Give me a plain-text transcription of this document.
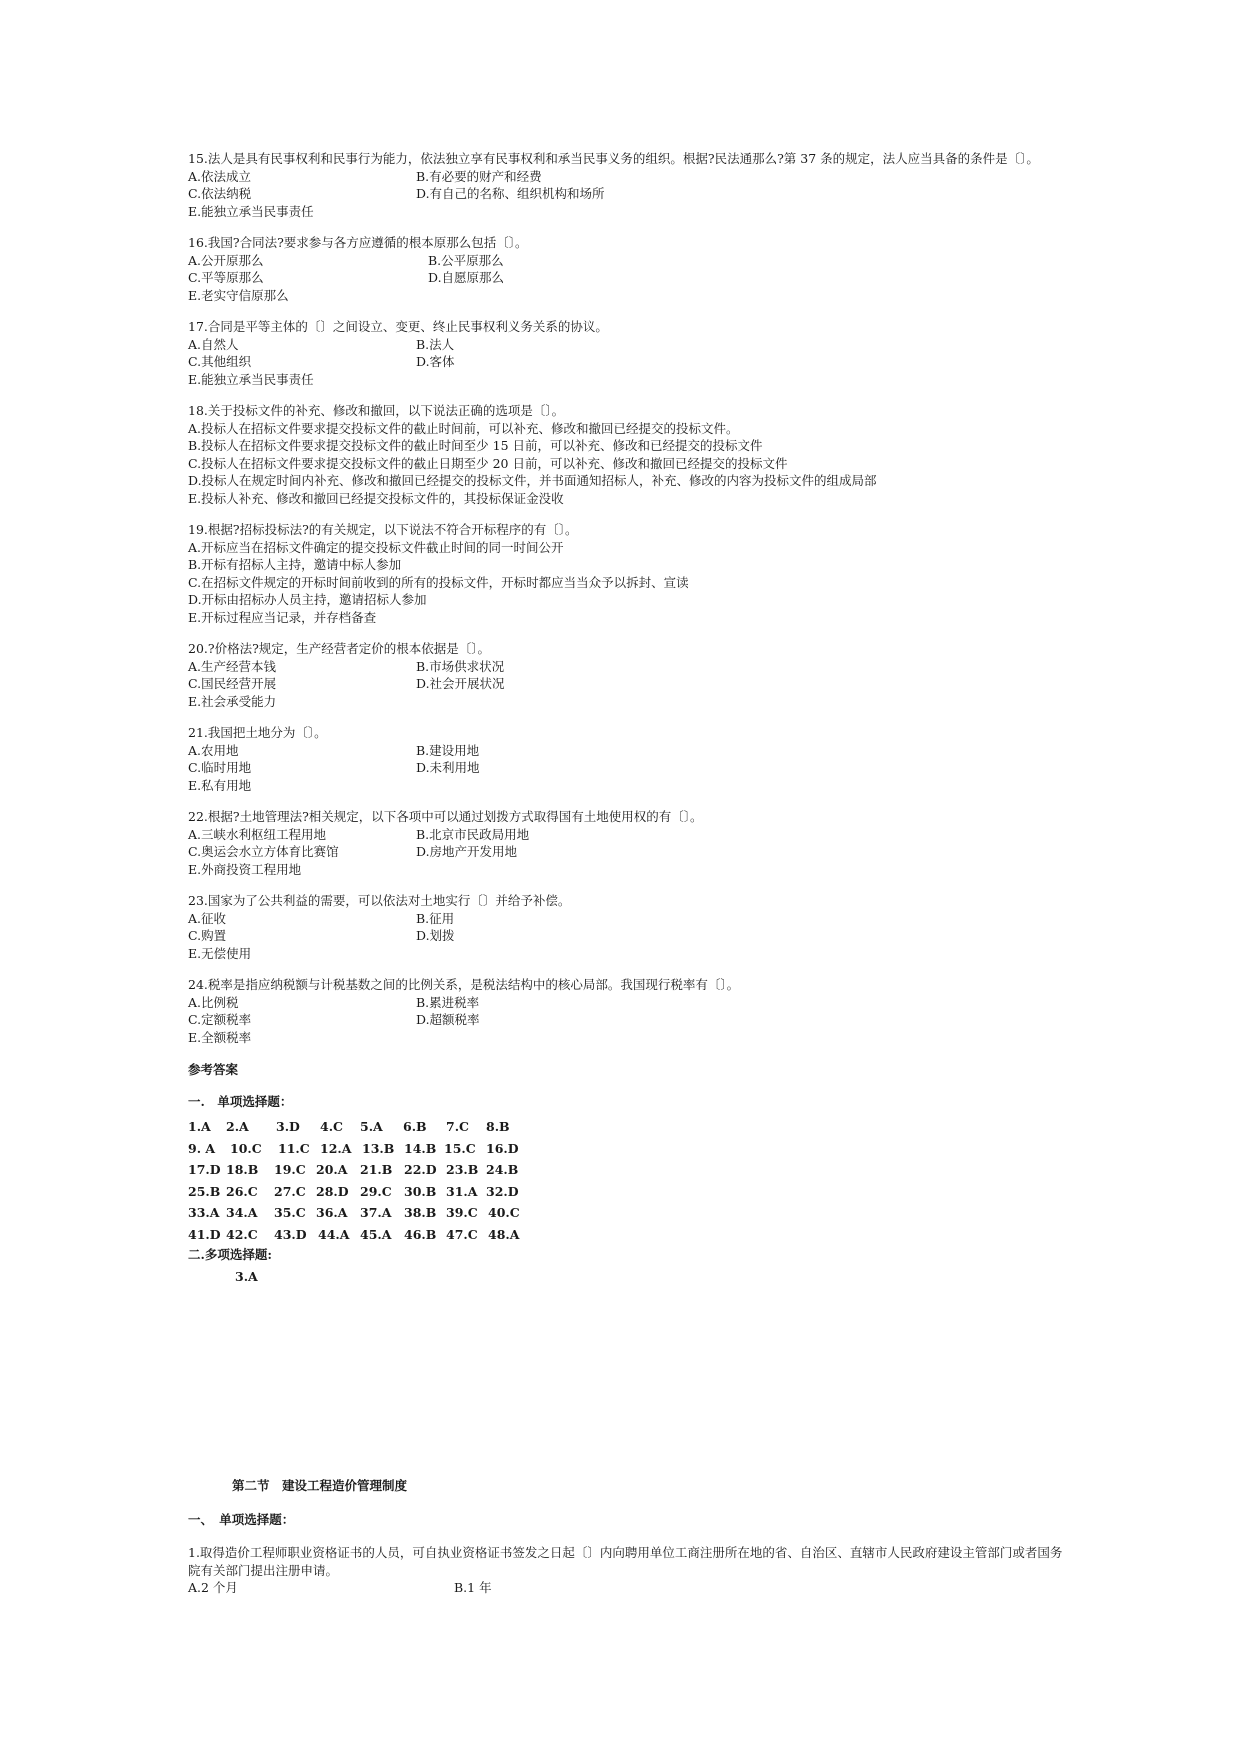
15.法人是具有民事权利和民事行为能力，依法独立享有民事权利和承当民事义务的组织。根据?民法通那么?第 37 条的规定，法人应当具备的条件是〔〕。
A.依法成立	B.有必要的财产和经费
C.依法纳税	D.有自己的名称、组织机构和场所
E.能独立承当民事责任
16.我国?合同法?要求参与各方应遵循的根本原那么包括〔〕。
A.公开原那么	B.公平原那么
C.平等原那么	D.自愿原那么
E.老实守信原那么
17.合同是平等主体的〔〕之间设立、变更、终止民事权利义务关系的协议。
A.自然人	B.法人
C.其他组织	D.客体
E.能独立承当民事责任
18.关于投标文件的补充、修改和撤回，以下说法正确的选项是〔〕。
A.投标人在招标文件要求提交投标文件的截止时间前，可以补充、修改和撤回已经提交的投标文件。
B.投标人在招标文件要求提交投标文件的截止时间至少 15 日前，可以补充、修改和已经提交的投标文件
C.投标人在招标文件要求提交投标文件的截止日期至少 20 日前，可以补充、修改和撤回已经提交的投标文件
D.投标人在规定时间内补充、修改和撤回已经提交的投标文件，并书面通知招标人，补充、修改的内容为投标文件的组成局部
E.投标人补充、修改和撤回已经提交投标文件的，其投标保证金没收
19.根据?招标投标法?的有关规定，以下说法不符合开标程序的有〔〕。
A.开标应当在招标文件确定的提交投标文件截止时间的同一时间公开
B.开标有招标人主持，邀请中标人参加
C.在招标文件规定的开标时间前收到的所有的投标文件，开标时都应当当众予以拆封、宣读
D.开标由招标办人员主持，邀请招标人参加
E.开标过程应当记录，并存档备查
20.?价格法?规定，生产经营者定价的根本依据是〔〕。
A.生产经营本钱	B.市场供求状况
C.国民经营开展	D.社会开展状况
E.社会承受能力
21.我国把土地分为〔〕。
A.农用地	B.建设用地
C.临时用地	D.未利用地
E.私有用地
22.根据?土地管理法?相关规定，以下各项中可以通过划拨方式取得国有土地使用权的有〔〕。
A.三峡水利枢纽工程用地	B.北京市民政局用地
C.奥运会水立方体育比赛馆	D.房地产开发用地
E.外商投资工程用地
23.国家为了公共利益的需要，可以依法对土地实行〔〕并给予补偿。
A.征收	B.征用
C.购置	D.划拨
E.无偿使用
24.税率是指应纳税额与计税基数之间的比例关系，是税法结构中的核心局部。我国现行税率有〔〕。
A.比例税	B.累进税率
C.定额税率	D.超额税率
E.全额税率
参考答案
一.　单项选择题：
1.A 2.A 3.D 4.C 5.A 6.B 7.C 8.B
9. A 10.C 11.C 12.A 13.B 14.B 15.C 16.D
17.D 18.B 19.C 20.A 21.B 22.D 23.B 24.B
25.B 26.C 27.C 28.D 29.C 30.B 31.A 32.D
33.A 34.A 35.C 36.A 37.A 38.B 39.C 40.C
41.D 42.C 43.D 44.A 45.A 46.B 47.C 48.A
二.多项选择题:
3.A
第二节　建设工程造价管理制度
一、　单项选择题：
1.取得造价工程师职业资格证书的人员，可自执业资格证书签发之日起〔〕内向聘用单位工商注册所在地的省、自治区、直辖市人民政府建设主管部门或者国务院有关部门提出注册申请。
A.2 个月	B.1 年
